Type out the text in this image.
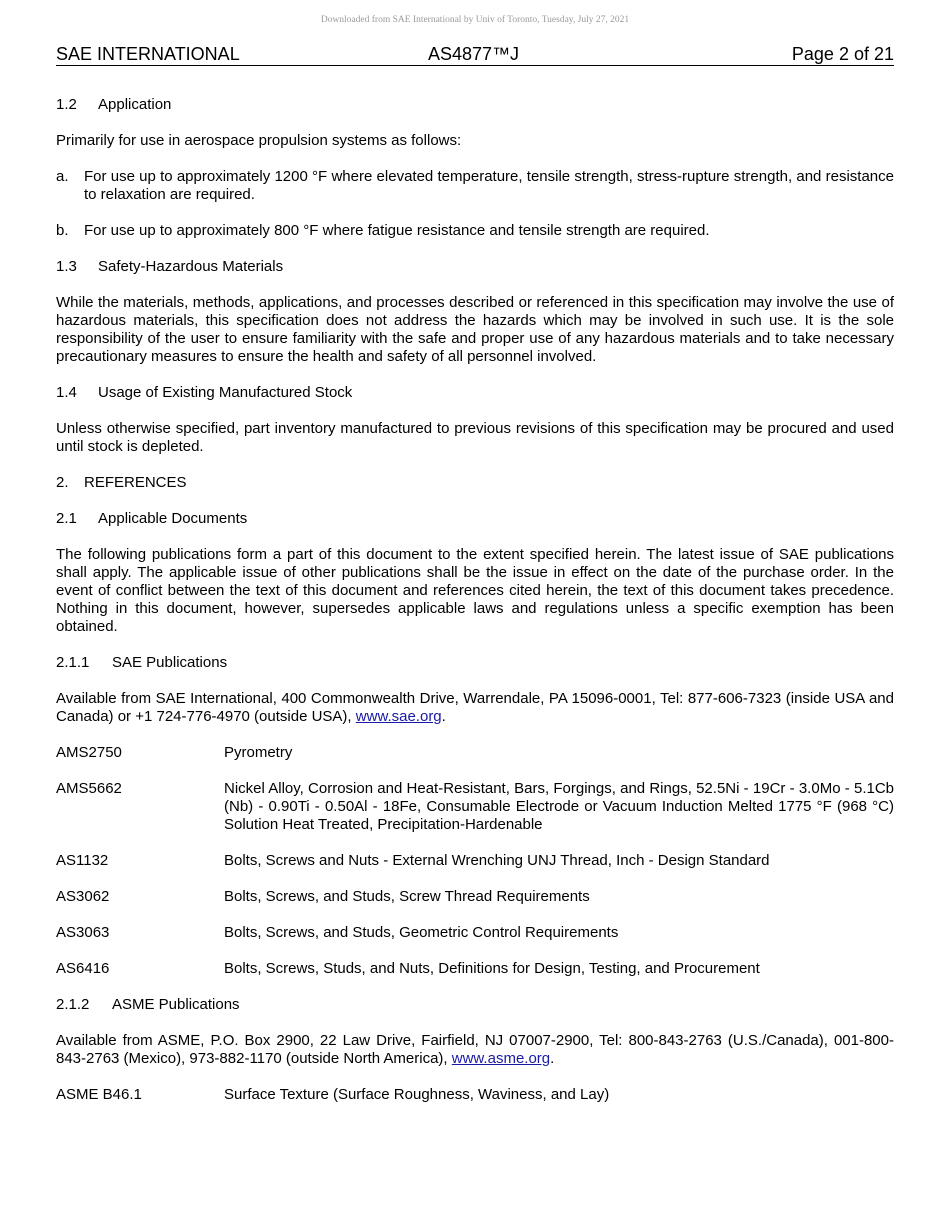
Downloaded from SAE International by Univ of Toronto, Tuesday, July 27, 2021
SAE INTERNATIONAL	AS4877™J	Page 2 of 21

1.2 Application

Primarily for use in aerospace propulsion systems as follows:

a.	For use up to approximately 1200 °F where elevated temperature, tensile strength, stress-rupture strength, and resistance to relaxation are required.
b.	For use up to approximately 800 °F where fatigue resistance and tensile strength are required.

1.3 Safety-Hazardous Materials

While the materials, methods, applications, and processes described or referenced in this specification may involve the use of hazardous materials, this specification does not address the hazards which may be involved in such use. It is the sole responsibility of the user to ensure familiarity with the safe and proper use of any hazardous materials and to take necessary precautionary measures to ensure the health and safety of all personnel involved.

1.4 Usage of Existing Manufactured Stock

Unless otherwise specified, part inventory manufactured to previous revisions of this specification may be procured and used until stock is depleted.

2. REFERENCES

2.1 Applicable Documents

The following publications form a part of this document to the extent specified herein. The latest issue of SAE publications shall apply. The applicable issue of other publications shall be the issue in effect on the date of the purchase order. In the event of conflict between the text of this document and references cited herein, the text of this document takes precedence. Nothing in this document, however, supersedes applicable laws and regulations unless a specific exemption has been obtained.

2.1.1 SAE Publications

Available from SAE International, 400 Commonwealth Drive, Warrendale, PA 15096-0001, Tel: 877-606-7323 (inside USA and Canada) or +1 724-776-4970 (outside USA), www.sae.org.

AMS2750	Pyrometry
AMS5662	Nickel Alloy, Corrosion and Heat-Resistant, Bars, Forgings, and Rings, 52.5Ni - 19Cr - 3.0Mo - 5.1Cb (Nb) - 0.90Ti - 0.50Al - 18Fe, Consumable Electrode or Vacuum Induction Melted 1775 °F (968 °C) Solution Heat Treated, Precipitation-Hardenable
AS1132	Bolts, Screws and Nuts - External Wrenching UNJ Thread, Inch - Design Standard
AS3062	Bolts, Screws, and Studs, Screw Thread Requirements
AS3063	Bolts, Screws, and Studs, Geometric Control Requirements
AS6416	Bolts, Screws, Studs, and Nuts, Definitions for Design, Testing, and Procurement

2.1.2 ASME Publications

Available from ASME, P.O. Box 2900, 22 Law Drive, Fairfield, NJ 07007-2900, Tel: 800-843-2763 (U.S./Canada), 001-800-843-2763 (Mexico), 973-882-1170 (outside North America), www.asme.org.

ASME B46.1	Surface Texture (Surface Roughness, Waviness, and Lay)
